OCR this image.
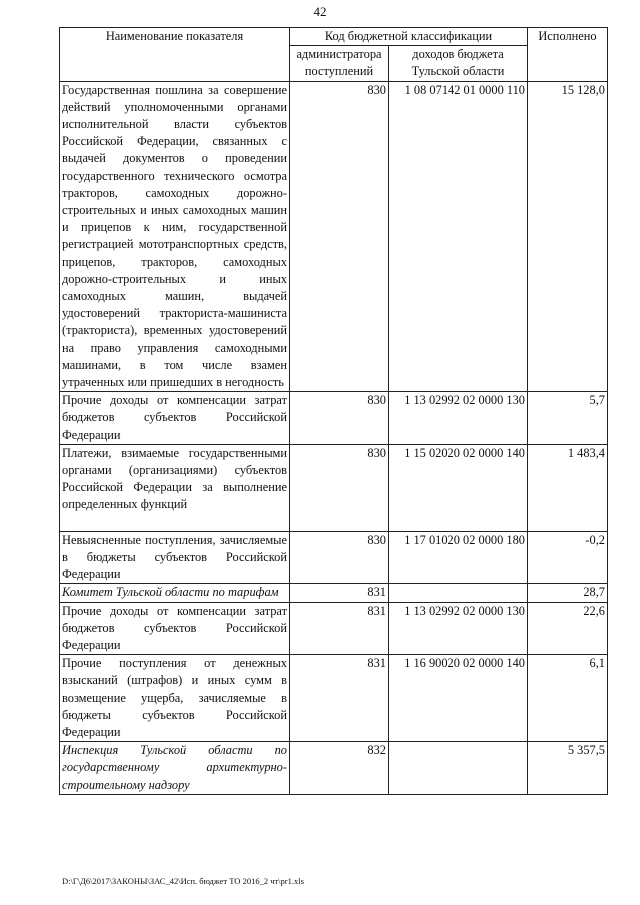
42
Наименование показателя	Код бюджетной классификации		Исполнено
	администратора поступлений	доходов бюджета Тульской области	
Государственная пошлина за совершение действий уполномоченными органами исполнительной власти субъектов Российской Федерации, связанных с выдачей документов о проведении государственного технического осмотра тракторов, самоходных дорожно-строительных и иных самоходных машин и прицепов к ним, государственной регистрацией мототранспортных средств, прицепов, тракторов, самоходных дорожно-строительных и иных самоходных машин, выдачей удостоверений тракториста-машиниста (тракториста), временных удостоверений на право управления самоходными машинами, в том числе взамен утраченных или пришедших в негодность	830	1 08 07142 01 0000 110	15 128,0
Прочие доходы от компенсации затрат бюджетов субъектов Российской Федерации	830	1 13 02992 02 0000 130	5,7
Платежи, взимаемые государственными органами (организациями) субъектов Российской Федерации за выполнение определенных функций	830	1 15 02020 02 0000 140	1 483,4
Невыясненные поступления, зачисляемые в бюджеты субъектов Российской Федерации	830	1 17 01020 02 0000 180	-0,2
Комитет Тульской области по тарифам	831		28,7
Прочие доходы от компенсации затрат бюджетов субъектов Российской Федерации	831	1 13 02992 02 0000 130	22,6
Прочие поступления от денежных взысканий (штрафов) и иных сумм в возмещение ущерба, зачисляемые в бюджеты субъектов Российской Федерации	831	1 16 90020 02 0000 140	6,1
Инспекция Тульской области по государственному архитектурно-строительному надзору	832		5 357,5
D:\Г\Д6\2017\ЗАКОНЫ\ЗАС_42\Исп. бюджет ТО 2016_2 чт\pr1.xls
